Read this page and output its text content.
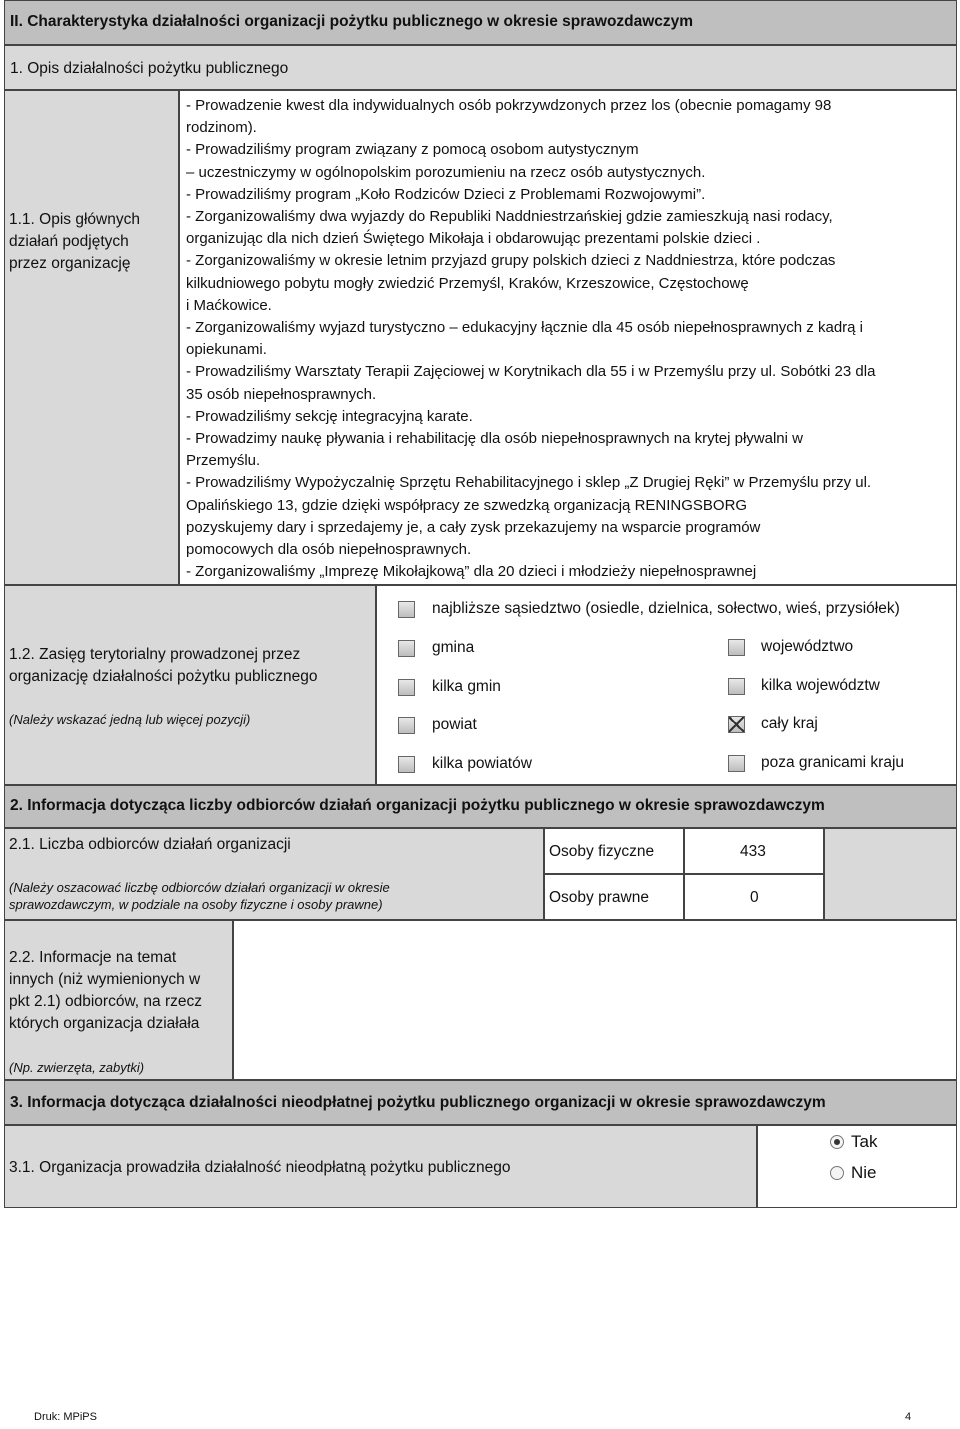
II. Charakterystyka działalności organizacji pożytku publicznego w okresie sprawozdawczym
1. Opis działalności pożytku publicznego
1.1. Opis głównych
działań podjętych
przez organizację
- Prowadzenie kwest dla indywidualnych osób pokrzywdzonych przez los (obecnie pomagamy 98
rodzinom).
- Prowadziliśmy program związany z pomocą osobom autystycznym
– uczestniczymy w ogólnopolskim porozumieniu na rzecz osób autystycznych.
- Prowadziliśmy program „Koło Rodziców Dzieci z Problemami Rozwojowymi”.
- Zorganizowaliśmy dwa wyjazdy do Republiki Naddniestrzańskiej gdzie zamieszkują nasi rodacy,
organizując dla nich dzień Świętego Mikołaja i obdarowując prezentami polskie dzieci .
- Zorganizowaliśmy w okresie letnim przyjazd grupy polskich dzieci z Naddniestrza, które podczas
kilkudniowego pobytu mogły zwiedzić Przemyśl, Kraków, Krzeszowice, Częstochowę
i Maćkowice.
- Zorganizowaliśmy wyjazd turystyczno – edukacyjny łącznie dla 45 osób niepełnosprawnych z kadrą i
opiekunami.
- Prowadziliśmy Warsztaty Terapii Zajęciowej w Korytnikach dla 55 i w Przemyślu przy ul. Sobótki 23 dla
35 osób niepełnosprawnych.
- Prowadziliśmy sekcję integracyjną karate.
- Prowadzimy naukę pływania i rehabilitację dla osób niepełnosprawnych na krytej pływalni w
Przemyślu.
- Prowadziliśmy Wypożyczalnię Sprzętu Rehabilitacyjnego i sklep „Z Drugiej Ręki” w Przemyślu przy ul.
Opalińskiego 13, gdzie dzięki współpracy ze szwedzką organizacją RENINGSBORG
pozyskujemy dary i sprzedajemy je, a cały zysk przekazujemy na wsparcie programów
pomocowych dla osób niepełnosprawnych.
- Zorganizowaliśmy „Imprezę Mikołajkową” dla 20 dzieci i młodzieży niepełnosprawnej
1.2. Zasięg terytorialny prowadzonej przez
organizację działalności pożytku publicznego
(Należy wskazać jedną lub więcej pozycji)
najbliższe sąsiedztwo (osiedle, dzielnica, sołectwo, wieś, przysiółek)
gmina
kilka gmin
powiat
kilka powiatów
województwo
kilka województw
cały kraj
poza granicami kraju
2. Informacja dotycząca liczby odbiorców działań organizacji pożytku publicznego w okresie sprawozdawczym
2.1. Liczba odbiorców działań organizacji
(Należy oszacować liczbę odbiorców działań organizacji w okresie
sprawozdawczym, w podziale na osoby fizyczne i osoby prawne)
Osoby fizyczne	433
Osoby prawne	0
2.2. Informacje na temat
innych (niż wymienionych w
pkt 2.1) odbiorców, na rzecz
których organizacja działała
(Np. zwierzęta, zabytki)
3. Informacja dotycząca działalności nieodpłatnej pożytku publicznego organizacji w okresie sprawozdawczym
3.1. Organizacja prowadziła działalność nieodpłatną pożytku publicznego
Tak
Nie
Druk: MPiPS	4
